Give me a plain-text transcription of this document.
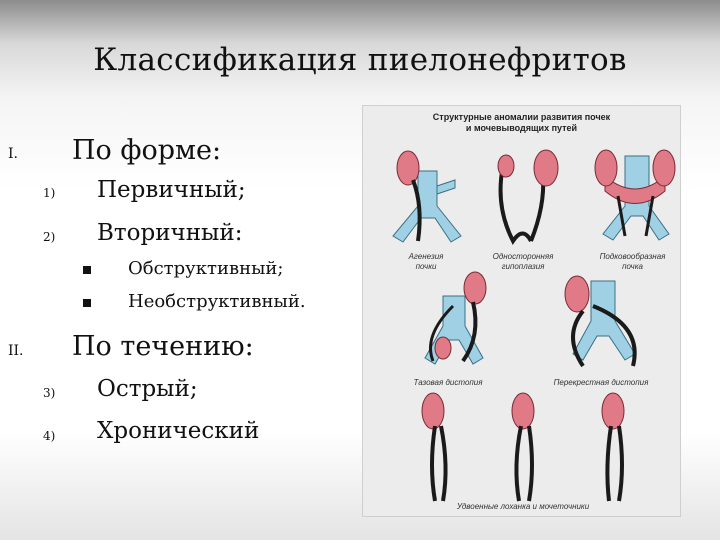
Классификация пиелонефритов
I. По форме:
1) Первичный;
2) Вторичный:
Обструктивный;
Необструктивный.
II. По течению:
3) Острый;
4) Хронический
Структурные аномалии развития почек
и мочевыводящих путей
Агенезия
почки
Односторонняя
гипоплазия
Подковообразная
почка
Тазовая дистопия	Перекрестная дистопия
Удвоенные лоханка и мочеточники
